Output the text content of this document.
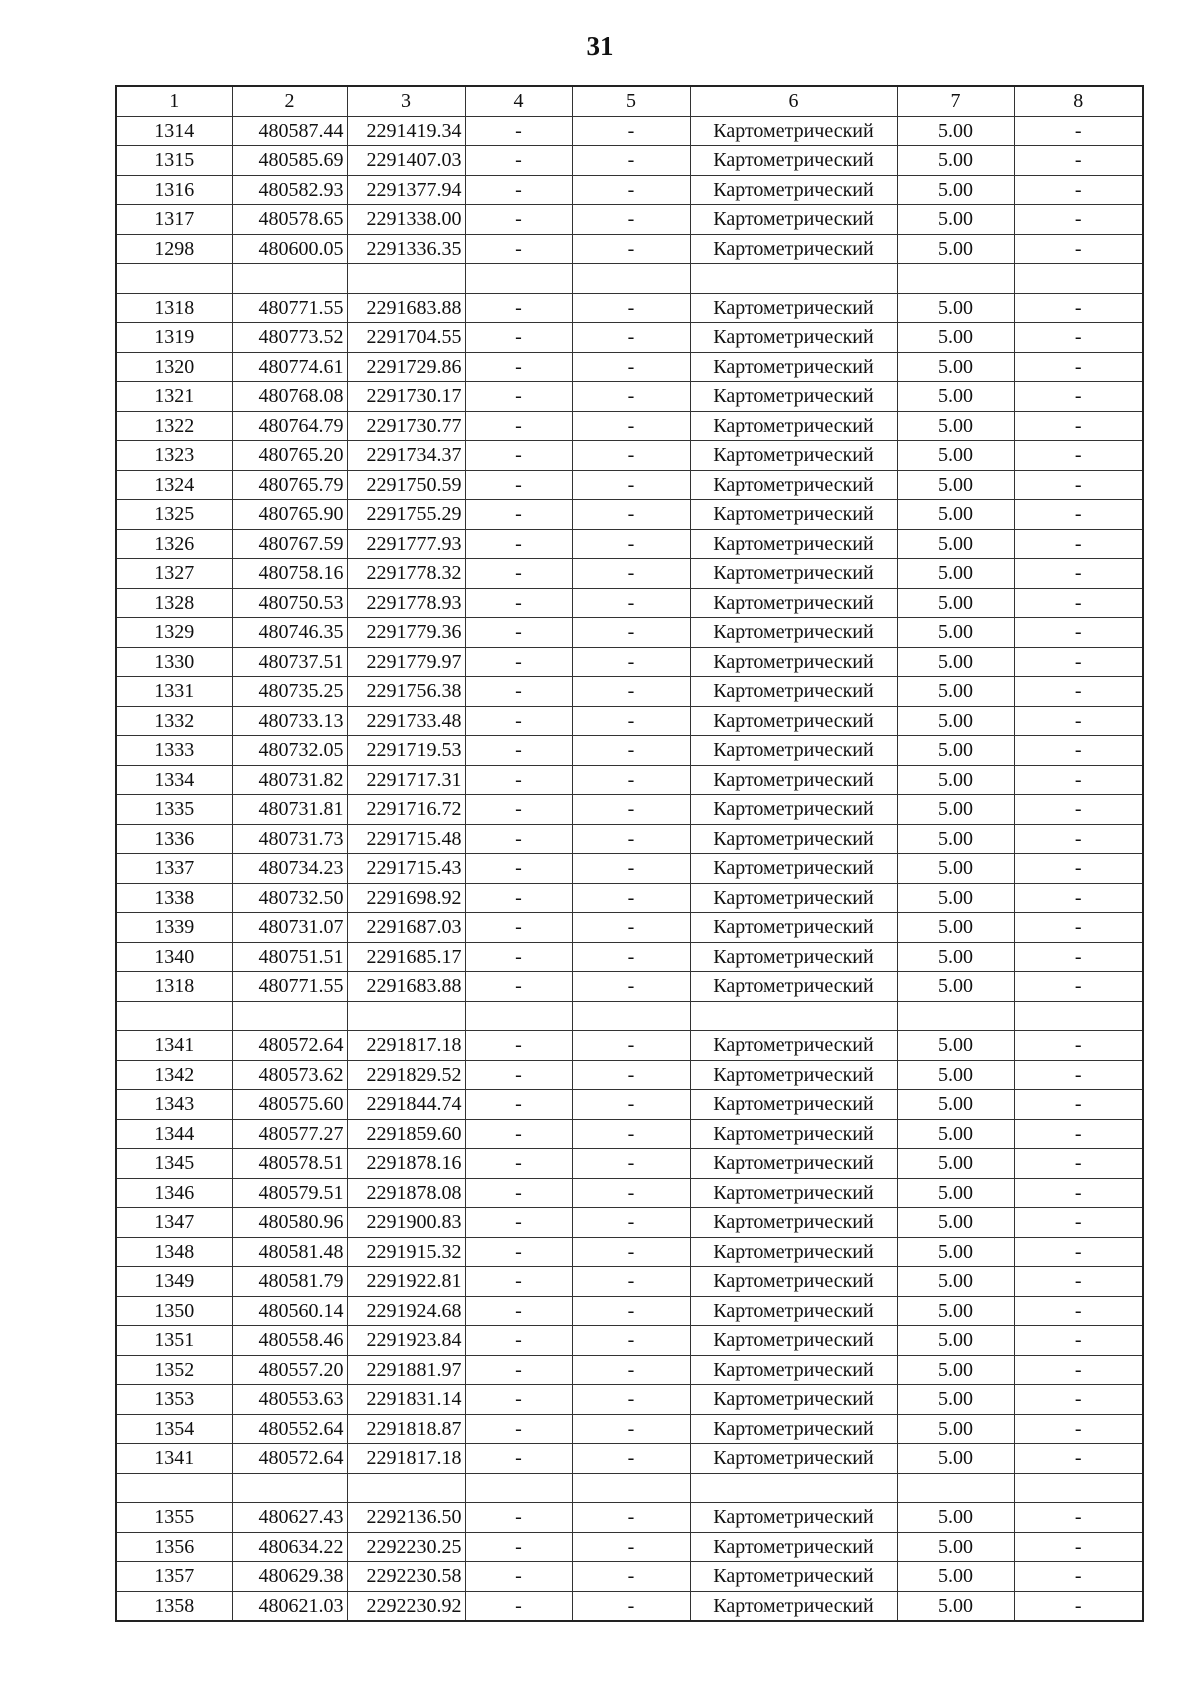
31
1	2	3	4	5	6	7	8
1314	480587.44	2291419.34	-	-	Картометрический	5.00	-
1315	480585.69	2291407.03	-	-	Картометрический	5.00	-
1316	480582.93	2291377.94	-	-	Картометрический	5.00	-
1317	480578.65	2291338.00	-	-	Картометрический	5.00	-
1298	480600.05	2291336.35	-	-	Картометрический	5.00	-

1318	480771.55	2291683.88	-	-	Картометрический	5.00	-
1319	480773.52	2291704.55	-	-	Картометрический	5.00	-
1320	480774.61	2291729.86	-	-	Картометрический	5.00	-
1321	480768.08	2291730.17	-	-	Картометрический	5.00	-
1322	480764.79	2291730.77	-	-	Картометрический	5.00	-
1323	480765.20	2291734.37	-	-	Картометрический	5.00	-
1324	480765.79	2291750.59	-	-	Картометрический	5.00	-
1325	480765.90	2291755.29	-	-	Картометрический	5.00	-
1326	480767.59	2291777.93	-	-	Картометрический	5.00	-
1327	480758.16	2291778.32	-	-	Картометрический	5.00	-
1328	480750.53	2291778.93	-	-	Картометрический	5.00	-
1329	480746.35	2291779.36	-	-	Картометрический	5.00	-
1330	480737.51	2291779.97	-	-	Картометрический	5.00	-
1331	480735.25	2291756.38	-	-	Картометрический	5.00	-
1332	480733.13	2291733.48	-	-	Картометрический	5.00	-
1333	480732.05	2291719.53	-	-	Картометрический	5.00	-
1334	480731.82	2291717.31	-	-	Картометрический	5.00	-
1335	480731.81	2291716.72	-	-	Картометрический	5.00	-
1336	480731.73	2291715.48	-	-	Картометрический	5.00	-
1337	480734.23	2291715.43	-	-	Картометрический	5.00	-
1338	480732.50	2291698.92	-	-	Картометрический	5.00	-
1339	480731.07	2291687.03	-	-	Картометрический	5.00	-
1340	480751.51	2291685.17	-	-	Картометрический	5.00	-
1318	480771.55	2291683.88	-	-	Картометрический	5.00	-

1341	480572.64	2291817.18	-	-	Картометрический	5.00	-
1342	480573.62	2291829.52	-	-	Картометрический	5.00	-
1343	480575.60	2291844.74	-	-	Картометрический	5.00	-
1344	480577.27	2291859.60	-	-	Картометрический	5.00	-
1345	480578.51	2291878.16	-	-	Картометрический	5.00	-
1346	480579.51	2291878.08	-	-	Картометрический	5.00	-
1347	480580.96	2291900.83	-	-	Картометрический	5.00	-
1348	480581.48	2291915.32	-	-	Картометрический	5.00	-
1349	480581.79	2291922.81	-	-	Картометрический	5.00	-
1350	480560.14	2291924.68	-	-	Картометрический	5.00	-
1351	480558.46	2291923.84	-	-	Картометрический	5.00	-
1352	480557.20	2291881.97	-	-	Картометрический	5.00	-
1353	480553.63	2291831.14	-	-	Картометрический	5.00	-
1354	480552.64	2291818.87	-	-	Картометрический	5.00	-
1341	480572.64	2291817.18	-	-	Картометрический	5.00	-

1355	480627.43	2292136.50	-	-	Картометрический	5.00	-
1356	480634.22	2292230.25	-	-	Картометрический	5.00	-
1357	480629.38	2292230.58	-	-	Картометрический	5.00	-
1358	480621.03	2292230.92	-	-	Картометрический	5.00	-
